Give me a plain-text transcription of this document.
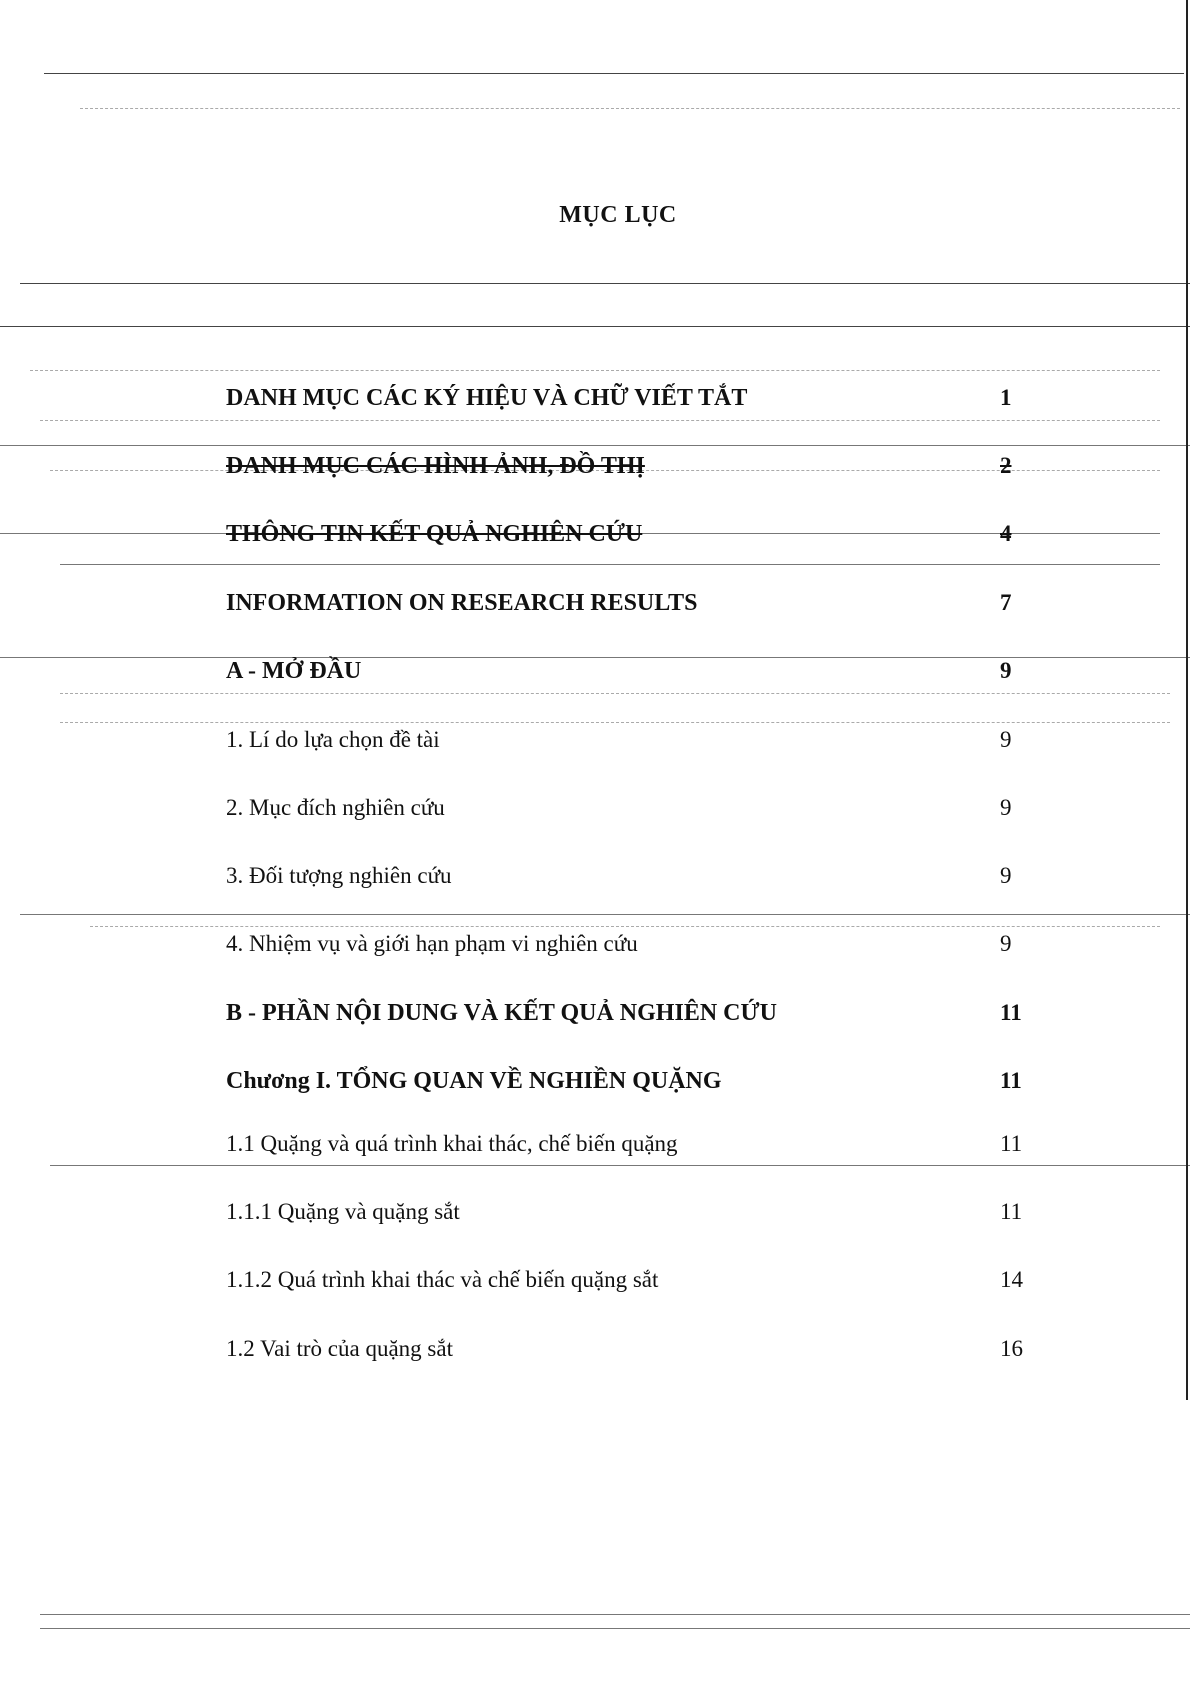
MỤC LỤC
DANH MỤC CÁC KÝ HIỆU VÀ CHỮ VIẾT TẮT	1
DANH MỤC CÁC HÌNH ẢNH, ĐỒ THỊ	2
THÔNG TIN KẾT QUẢ NGHIÊN CỨU	4
INFORMATION ON RESEARCH RESULTS	7
A - MỞ ĐẦU	9
1. Lí do lựa chọn đề tài	9
2. Mục đích nghiên cứu	9
3. Đối tượng nghiên cứu	9
4. Nhiệm vụ và giới hạn phạm vi nghiên cứu	9
B - PHẦN NỘI DUNG VÀ KẾT QUẢ NGHIÊN CỨU	11
Chương I. TỔNG QUAN VỀ NGHIỀN QUẶNG	11
1.1 Quặng và quá trình khai thác, chế biến quặng	11
1.1.1 Quặng và quặng sắt	11
1.1.2 Quá trình khai thác và chế biến quặng sắt	14
1.2 Vai trò của quặng sắt	16
